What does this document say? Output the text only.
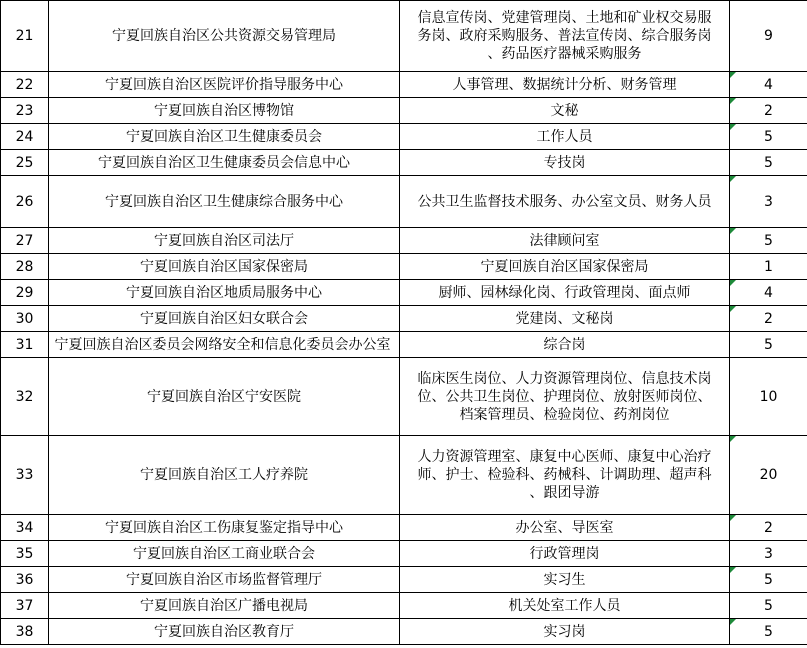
21	宁夏回族自治区公共资源交易管理局	信息宣传岗、党建管理岗、土地和矿业权交易服
务岗、政府采购服务、普法宣传岗、综合服务岗
、药品医疗器械采购服务	9
22	宁夏回族自治区医院评价指导服务中心	人事管理、数据统计分析、财务管理	4
23	宁夏回族自治区博物馆	文秘	2
24	宁夏回族自治区卫生健康委员会	工作人员	5
25	宁夏回族自治区卫生健康委员会信息中心	专技岗	5
26	宁夏回族自治区卫生健康综合服务中心	公共卫生监督技术服务、办公室文员、财务人员	3
27	宁夏回族自治区司法厅	法律顾问室	5
28	宁夏回族自治区国家保密局	宁夏回族自治区国家保密局	1
29	宁夏回族自治区地质局服务中心	厨师、园林绿化岗、行政管理岗、面点师	4
30	宁夏回族自治区妇女联合会	党建岗、文秘岗	2
31	宁夏回族自治区委员会网络安全和信息化委员会办公室	综合岗	5
32	宁夏回族自治区宁安医院	临床医生岗位、人力资源管理岗位、信息技术岗
位、公共卫生岗位、护理岗位、放射医师岗位、
档案管理员、检验岗位、药剂岗位	10
33	宁夏回族自治区工人疗养院	人力资源管理室、康复中心医师、康复中心治疗
师、护士、检验科、药械科、计调助理、超声科
、跟团导游	20
34	宁夏回族自治区工伤康复鉴定指导中心	办公室、导医室	2
35	宁夏回族自治区工商业联合会	行政管理岗	3
36	宁夏回族自治区市场监督管理厅	实习生	5
37	宁夏回族自治区广播电视局	机关处室工作人员	5
38	宁夏回族自治区教育厅	实习岗	5
